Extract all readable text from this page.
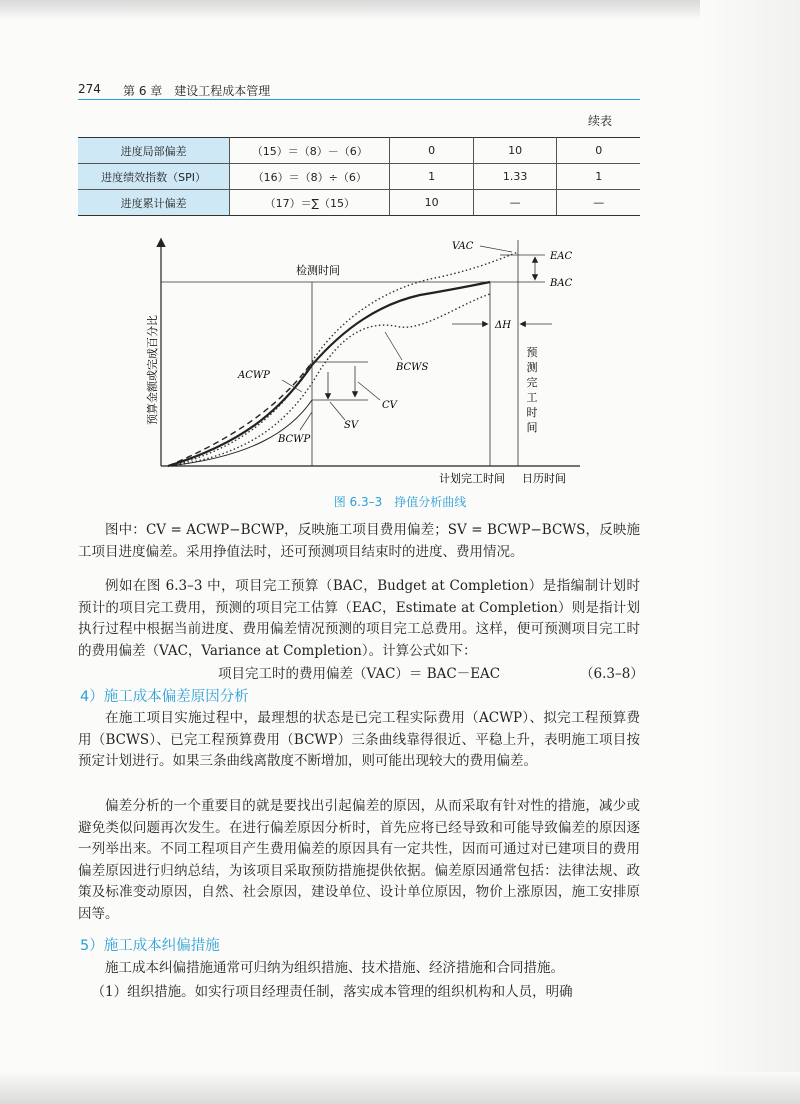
274 第 6 章　建设工程成本管理
续表
进度局部偏差	（15）＝（8）－（6）	0	10	0
进度绩效指数（SPI）	（16）＝（8）÷（6）	1	1.33	1
进度累计偏差	（17）＝∑（15）	10	—	—
检测时间
预算金额或完成百分比
VAC
EAC
BAC
ΔH
ACWP
BCWS
BCWP
CV
SV
计划完工时间 日历时间
预
测
完
工
时
间
图 6.3–3　挣值分析曲线
图中：CV = ACWP−BCWP，反映施工项目费用偏差；SV = BCWP−BCWS，反映施工项目进度偏差。采用挣值法时，还可预测项目结束时的进度、费用情况。
例如在图 6.3–3 中，项目完工预算（BAC，Budget at Completion）是指编制计划时预计的项目完工费用，预测的项目完工估算（EAC，Estimate at Completion）则是指计划执行过程中根据当前进度、费用偏差情况预测的项目完工总费用。这样，便可预测项目完工时的费用偏差（VAC，Variance at Completion）。计算公式如下：
项目完工时的费用偏差（VAC）＝ BAC－EAC	（6.3–8）
4）施工成本偏差原因分析
在施工项目实施过程中，最理想的状态是已完工程实际费用（ACWP）、拟完工程预算费用（BCWS）、已完工程预算费用（BCWP）三条曲线靠得很近、平稳上升，表明施工项目按预定计划进行。如果三条曲线离散度不断增加，则可能出现较大的费用偏差。
偏差分析的一个重要目的就是要找出引起偏差的原因，从而采取有针对性的措施，减少或避免类似问题再次发生。在进行偏差原因分析时，首先应将已经导致和可能导致偏差的原因逐一列举出来。不同工程项目产生费用偏差的原因具有一定共性，因而可通过对已建项目的费用偏差原因进行归纳总结，为该项目采取预防措施提供依据。偏差原因通常包括：法律法规、政策及标准变动原因，自然、社会原因，建设单位、设计单位原因，物价上涨原因，施工安排原因等。
5）施工成本纠偏措施
施工成本纠偏措施通常可归纳为组织措施、技术措施、经济措施和合同措施。
（1）组织措施。如实行项目经理责任制，落实成本管理的组织机构和人员，明确
